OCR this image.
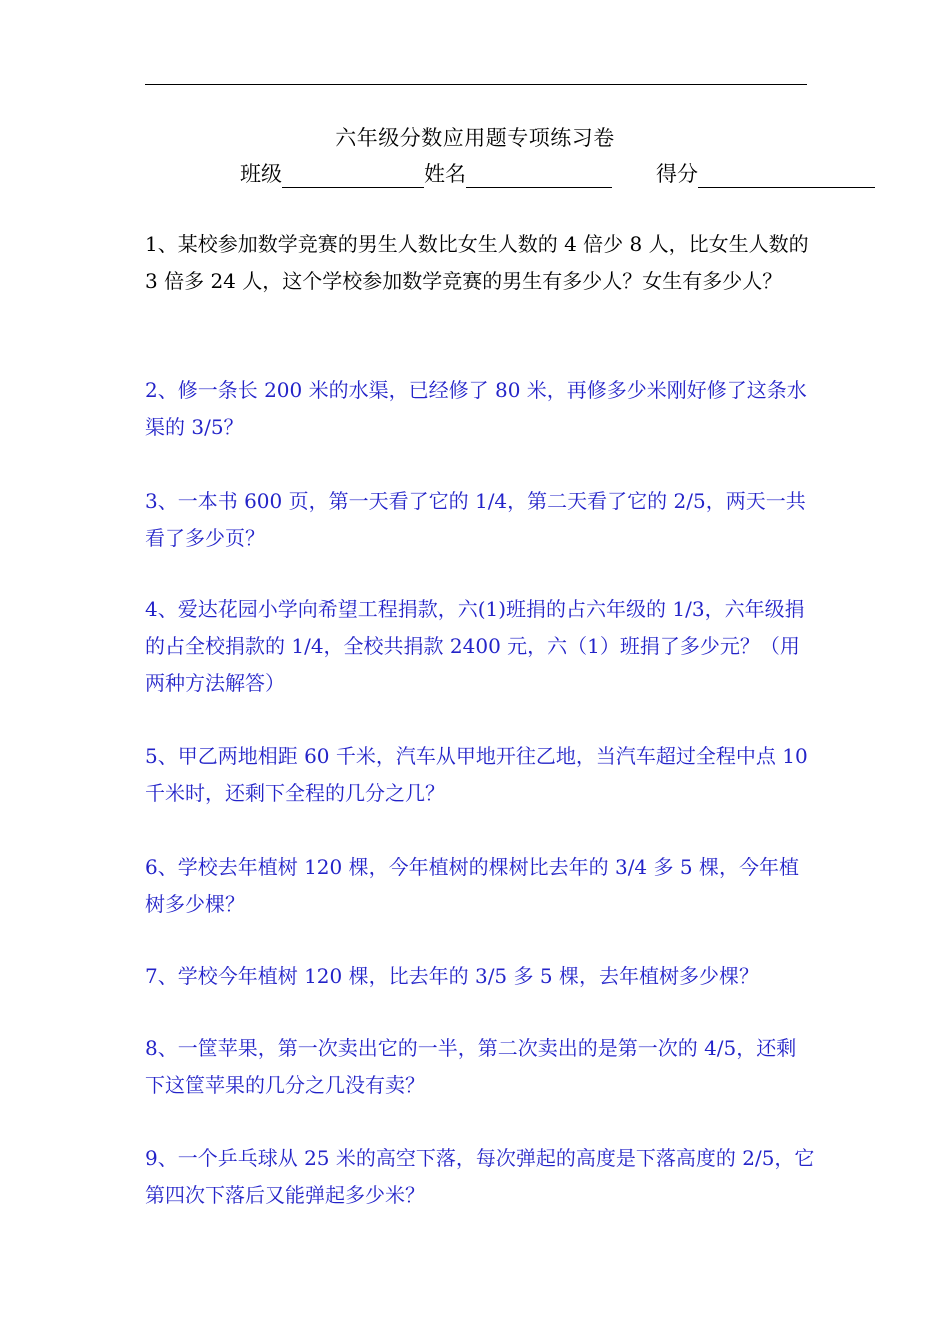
六年级分数应用题专项练习卷
班级	姓名	得分

1、某校参加数学竞赛的男生人数比女生人数的 4 倍少 8 人，比女生人数的 3 倍多 24 人，这个学校参加数学竞赛的男生有多少人？女生有多少人？

2、修一条长 200 米的水渠，已经修了 80 米，再修多少米刚好修了这条水渠的 3/5？

3、一本书 600 页，第一天看了它的 1/4，第二天看了它的 2/5，两天一共看了多少页？

4、爱达花园小学向希望工程捐款，六(1)班捐的占六年级的 1/3，六年级捐的占全校捐款的 1/4，全校共捐款 2400 元，六（1）班捐了多少元？（用两种方法解答）

5、甲乙两地相距 60 千米，汽车从甲地开往乙地，当汽车超过全程中点 10 千米时，还剩下全程的几分之几？

6、学校去年植树 120 棵，今年植树的棵树比去年的 3/4 多 5 棵，今年植树多少棵？

7、学校今年植树 120 棵，比去年的 3/5 多 5 棵，去年植树多少棵？

8、一筐苹果，第一次卖出它的一半，第二次卖出的是第一次的 4/5，还剩下这筐苹果的几分之几没有卖？

9、一个乒乓球从 25 米的高空下落，每次弹起的高度是下落高度的 2/5，它第四次下落后又能弹起多少米？
